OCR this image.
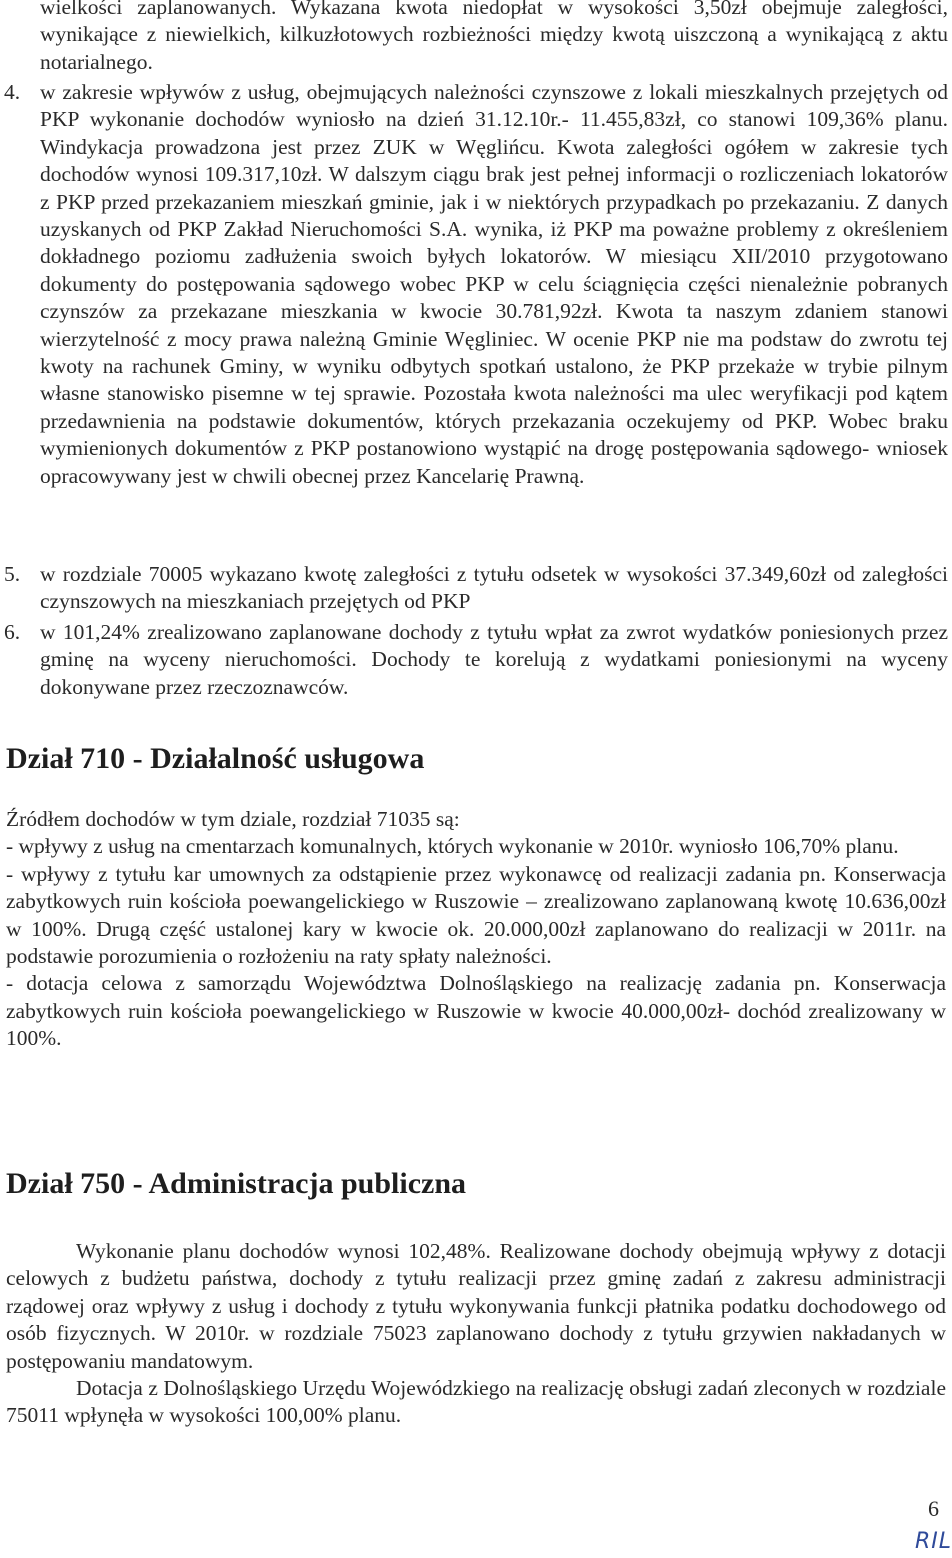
wielkości zaplanowanych. Wykazana kwota niedopłat w wysokości 3,50zł obejmuje zaległości, wynikające z niewielkich, kilkuzłotowych rozbieżności między kwotą uiszczoną a wynikającą z aktu notarialnego.

4. w zakresie wpływów z usług, obejmujących należności czynszowe z lokali mieszkalnych przejętych od PKP wykonanie dochodów wyniosło na dzień 31.12.10r.- 11.455,83zł, co stanowi 109,36% planu. Windykacja prowadzona jest przez ZUK w Węglińcu. Kwota zaległości ogółem w zakresie tych dochodów wynosi 109.317,10zł. W dalszym ciągu brak jest pełnej informacji o rozliczeniach lokatorów z PKP przed przekazaniem mieszkań gminie, jak i w niektórych przypadkach po przekazaniu. Z danych uzyskanych od PKP Zakład Nieruchomości S.A. wynika, iż PKP ma poważne problemy z określeniem dokładnego poziomu zadłużenia swoich byłych lokatorów. W miesiącu XII/2010 przygotowano dokumenty do postępowania sądowego wobec PKP w celu ściągnięcia części nienależnie pobranych czynszów za przekazane mieszkania w kwocie 30.781,92zł. Kwota ta naszym zdaniem stanowi wierzytelność z mocy prawa należną Gminie Węgliniec. W ocenie PKP nie ma podstaw do zwrotu tej kwoty na rachunek Gminy, w wyniku odbytych spotkań ustalono, że PKP przekaże w trybie pilnym własne stanowisko pisemne w tej sprawie. Pozostała kwota należności ma ulec weryfikacji pod kątem przedawnienia na podstawie dokumentów, których przekazania oczekujemy od PKP. Wobec braku wymienionych dokumentów z PKP postanowiono wystąpić na drogę postępowania sądowego- wniosek opracowywany jest w chwili obecnej przez Kancelarię Prawną.

5. w rozdziale 70005 wykazano kwotę zaległości z tytułu odsetek w wysokości 37.349,60zł od zaległości czynszowych na mieszkaniach przejętych od PKP

6. w 101,24% zrealizowano zaplanowane dochody z tytułu wpłat za zwrot wydatków poniesionych przez gminę na wyceny nieruchomości. Dochody te korelują z wydatkami poniesionymi na wyceny dokonywane przez rzeczoznawców.

Dział 710 - Działalność usługowa

Źródłem dochodów w tym dziale, rozdział 71035 są:

- wpływy z usług na cmentarzach komunalnych, których wykonanie w 2010r. wyniosło 106,70% planu.

- wpływy z tytułu kar umownych za odstąpienie przez wykonawcę od realizacji zadania pn. Konserwacja zabytkowych ruin kościoła poewangelickiego w Ruszowie – zrealizowano zaplanowaną kwotę 10.636,00zł w 100%. Drugą część ustalonej kary w kwocie ok. 20.000,00zł zaplanowano do realizacji w 2011r. na podstawie porozumienia o rozłożeniu na raty spłaty należności.

- dotacja celowa z samorządu Województwa Dolnośląskiego na realizację zadania pn. Konserwacja zabytkowych ruin kościoła poewangelickiego w Ruszowie w kwocie 40.000,00zł- dochód zrealizowany w 100%.

Dział 750 - Administracja publiczna

Wykonanie planu dochodów wynosi 102,48%. Realizowane dochody obejmują wpływy z dotacji celowych z budżetu państwa, dochody z tytułu realizacji przez gminę zadań z zakresu administracji rządowej oraz wpływy z usług i dochody z tytułu wykonywania funkcji płatnika podatku dochodowego od osób fizycznych. W 2010r. w rozdziale 75023 zaplanowano dochody z tytułu grzywien nakładanych w postępowaniu mandatowym.

Dotacja z Dolnośląskiego Urzędu Wojewódzkiego na realizację obsługi zadań zleconych w rozdziale 75011 wpłynęła w wysokości 100,00% planu.

6
RIL
